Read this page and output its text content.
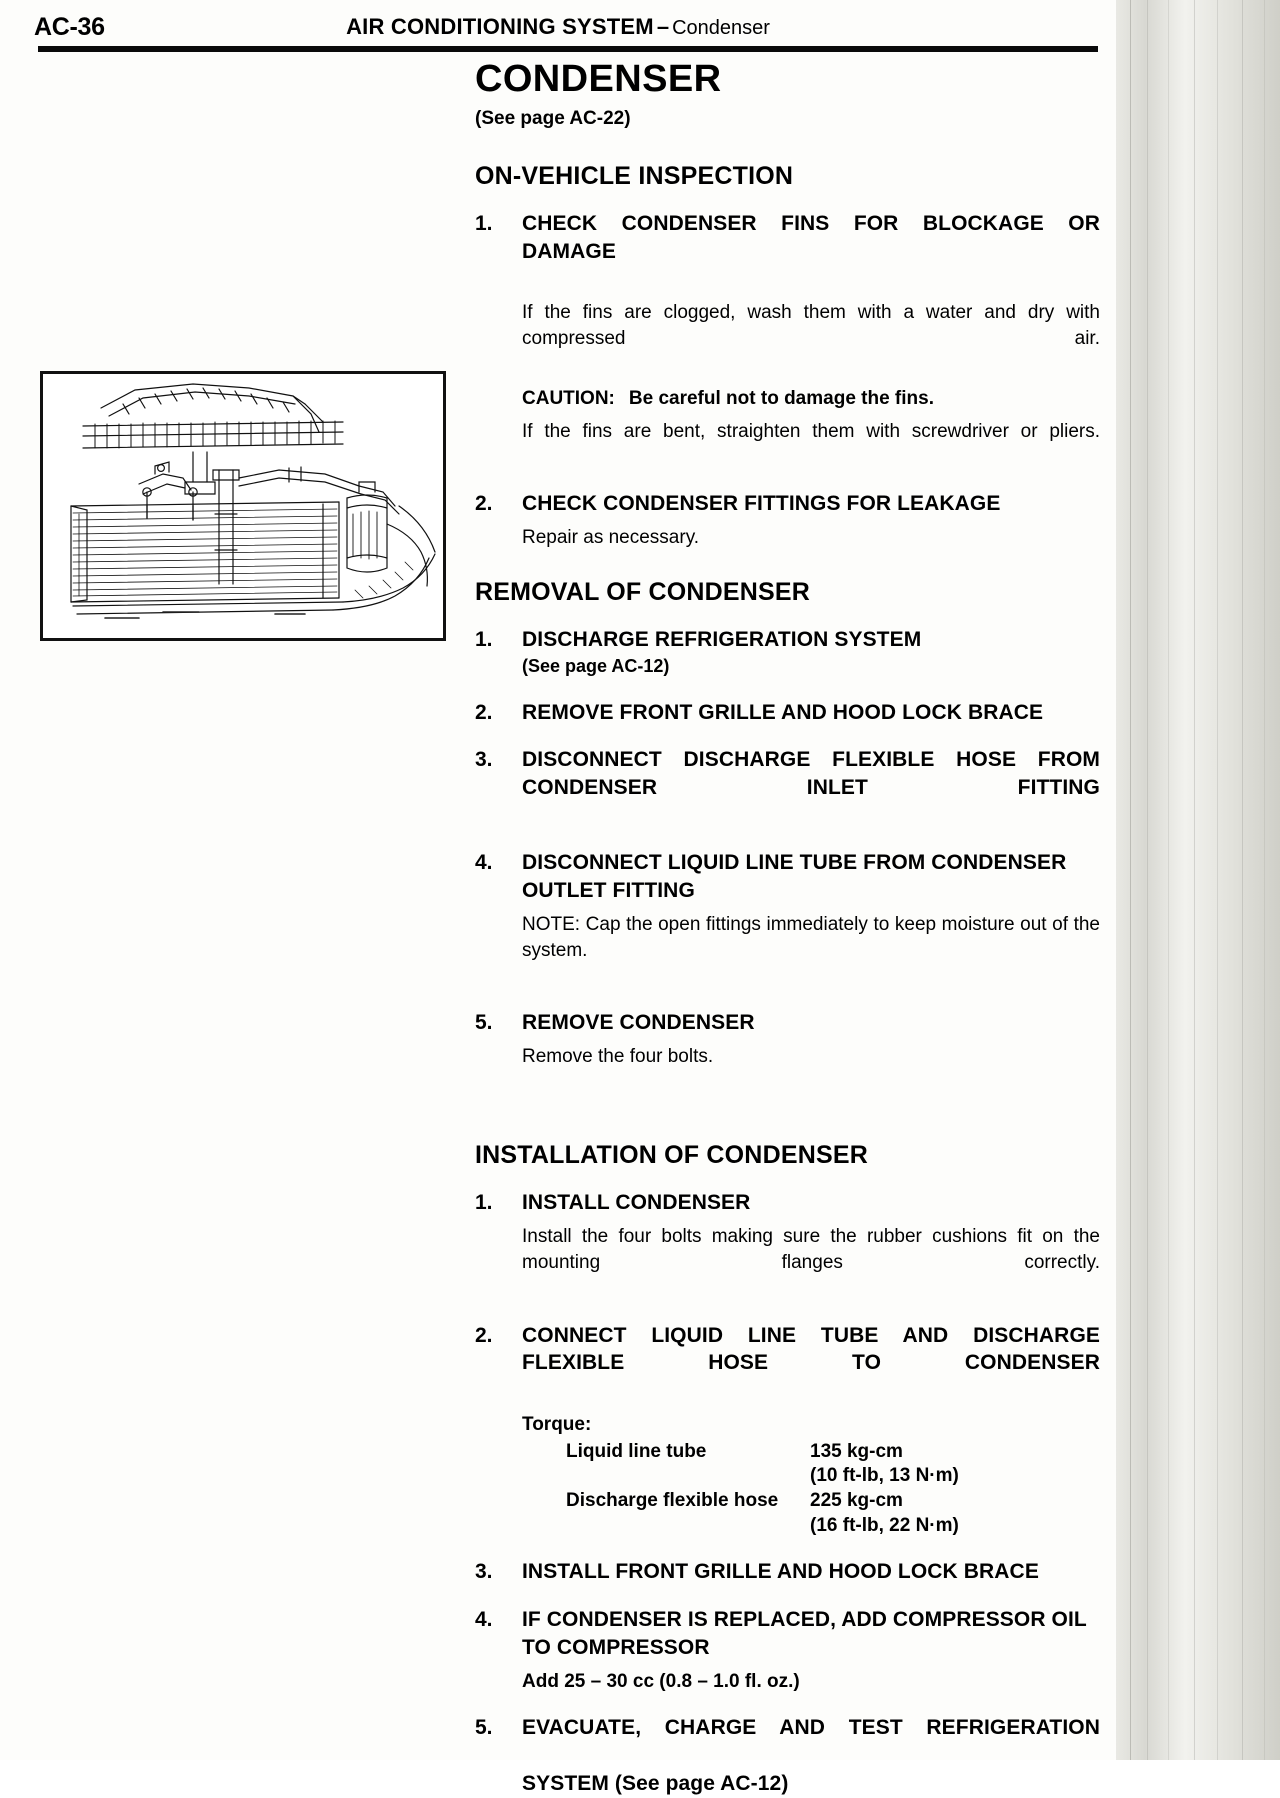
AC-36	AIR CONDITIONING SYSTEM – Condenser
CONDENSER
(See page AC-22)
ON-VEHICLE INSPECTION
1.	CHECK CONDENSER FINS FOR BLOCKAGE OR DAMAGE
If the fins are clogged, wash them with a water and dry with compressed air.
CAUTION: Be careful not to damage the fins.
If the fins are bent, straighten them with screwdriver or pliers.
2.	CHECK CONDENSER FITTINGS FOR LEAKAGE
Repair as necessary.
REMOVAL OF CONDENSER
1.	DISCHARGE REFRIGERATION SYSTEM
(See page AC-12)
2.	REMOVE FRONT GRILLE AND HOOD LOCK BRACE
3.	DISCONNECT DISCHARGE FLEXIBLE HOSE FROM CONDENSER INLET FITTING
4.	DISCONNECT LIQUID LINE TUBE FROM CONDENSER OUTLET FITTING
NOTE: Cap the open fittings immediately to keep moisture out of the system.
5.	REMOVE CONDENSER
Remove the four bolts.
INSTALLATION OF CONDENSER
1.	INSTALL CONDENSER
Install the four bolts making sure the rubber cushions fit on the mounting flanges correctly.
2.	CONNECT LIQUID LINE TUBE AND DISCHARGE FLEXIBLE HOSE TO CONDENSER
Torque:
Liquid line tube	135 kg-cm
(10 ft-lb, 13 N·m)
Discharge flexible hose	225 kg-cm
(16 ft-lb, 22 N·m)
3.	INSTALL FRONT GRILLE AND HOOD LOCK BRACE
4.	IF CONDENSER IS REPLACED, ADD COMPRESSOR OIL TO COMPRESSOR
Add 25 – 30 cc (0.8 – 1.0 fl. oz.)
5.	EVACUATE, CHARGE AND TEST REFRIGERATION
SYSTEM (See page AC-12)
